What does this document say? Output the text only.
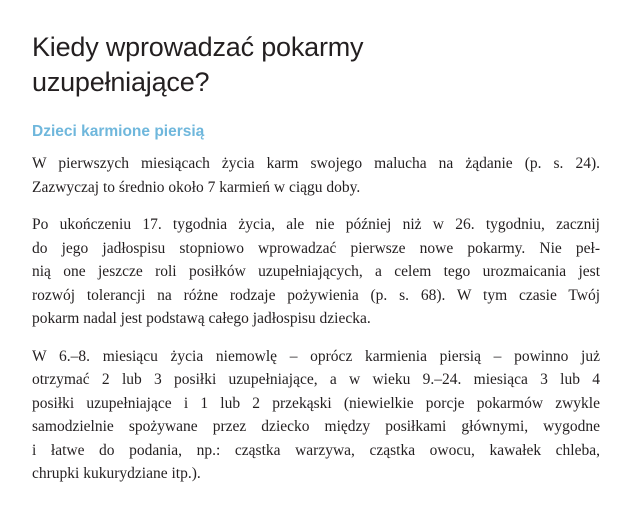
Kiedy wprowadzać pokarmy
uzupełniające?
Dzieci karmione piersią

W pierwszych miesiącach życia karm swojego malucha na żądanie (p. s. 24).
Zazwyczaj to średnio około 7 karmień w ciągu doby.

Po ukończeniu 17. tygodnia życia, ale nie później niż w 26. tygodniu, zacznij
do jego jadłospisu stopniowo wprowadzać pierwsze nowe pokarmy. Nie peł-
nią one jeszcze roli posiłków uzupełniających, a celem tego urozmaicania jest
rozwój tolerancji na różne rodzaje pożywienia (p. s. 68). W tym czasie Twój
pokarm nadal jest podstawą całego jadłospisu dziecka.

W 6.–8. miesiącu życia niemowlę – oprócz karmienia piersią – powinno już
otrzymać 2 lub 3 posiłki uzupełniające, a w wieku 9.–24. miesiąca 3 lub 4
posiłki uzupełniające i 1 lub 2 przekąski (niewielkie porcje pokarmów zwykle
samodzielnie spożywane przez dziecko między posiłkami głównymi, wygodne
i łatwe do podania, np.: cząstka warzywa, cząstka owocu, kawałek chleba,
chrupki kukurydziane itp.).
